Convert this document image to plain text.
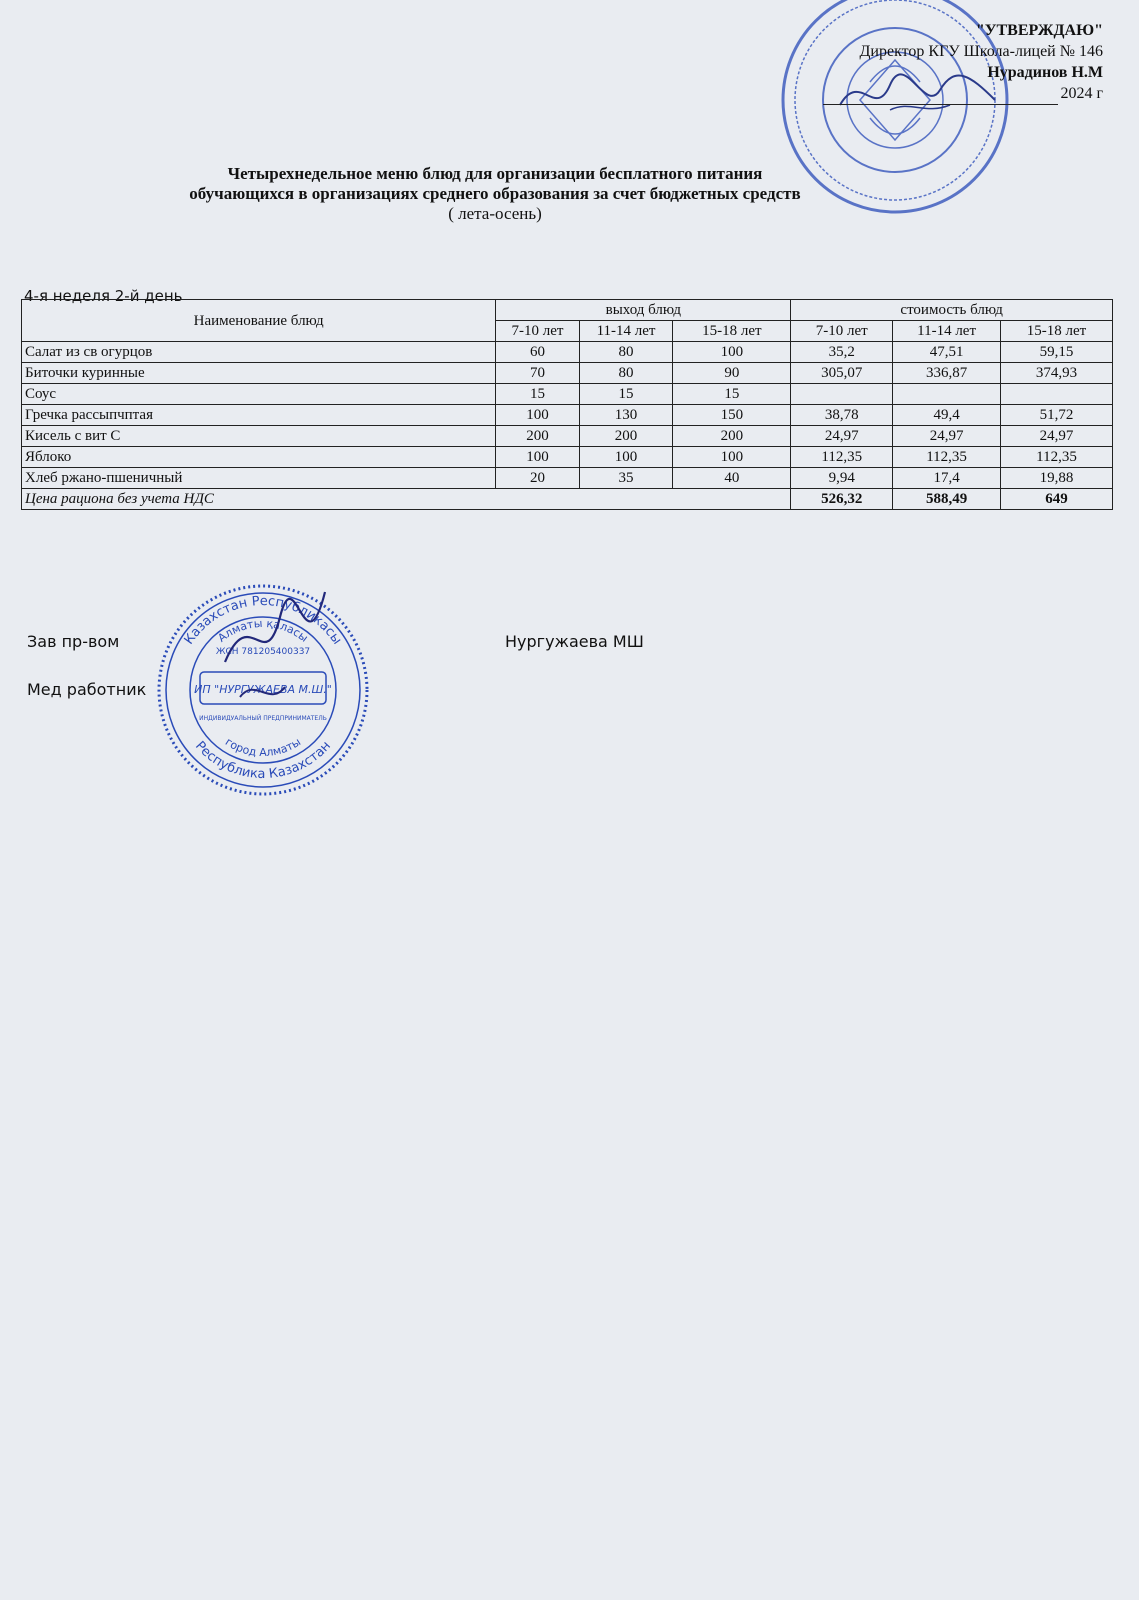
"УТВЕРЖДАЮ"
Директор КГУ Школа-лицей № 146
Нурадинов Н.М
2024 г
Четырехнедельное меню блюд для организации бесплатного питания
обучающихся в организациях среднего образования за счет бюджетных средств
( лета-осень)
4-я неделя 2-й день
Наименование блюд	выход блюд			стоимость блюд		
	7-10 лет	11-14 лет	15-18 лет	7-10 лет	11-14 лет	15-18 лет
Салат из св огурцов	60	80	100	35,2	47,51	59,15
Биточки куринные	70	80	90	305,07	336,87	374,93
Соус	15	15	15			
Гречка рассыпчптая	100	130	150	38,78	49,4	51,72
Кисель с вит С	200	200	200	24,97	24,97	24,97
Яблоко	100	100	100	112,35	112,35	112,35
Хлеб ржано-пшеничный	20	35	40	9,94	17,4	19,88
Цена рациона без учета НДС				526,32	588,49	649
Зав пр-вом	Нургужаева МШ
Мед работник
Казахстан Республикасы
Республика Казахстан
Алматы қаласы
город Алматы
ЖСН 781205400337
ИП "НУРГУЖАЕВА М.Ш."
ИНДИВИДУАЛЬНЫЙ ПРЕДПРИНИМАТЕЛЬ
